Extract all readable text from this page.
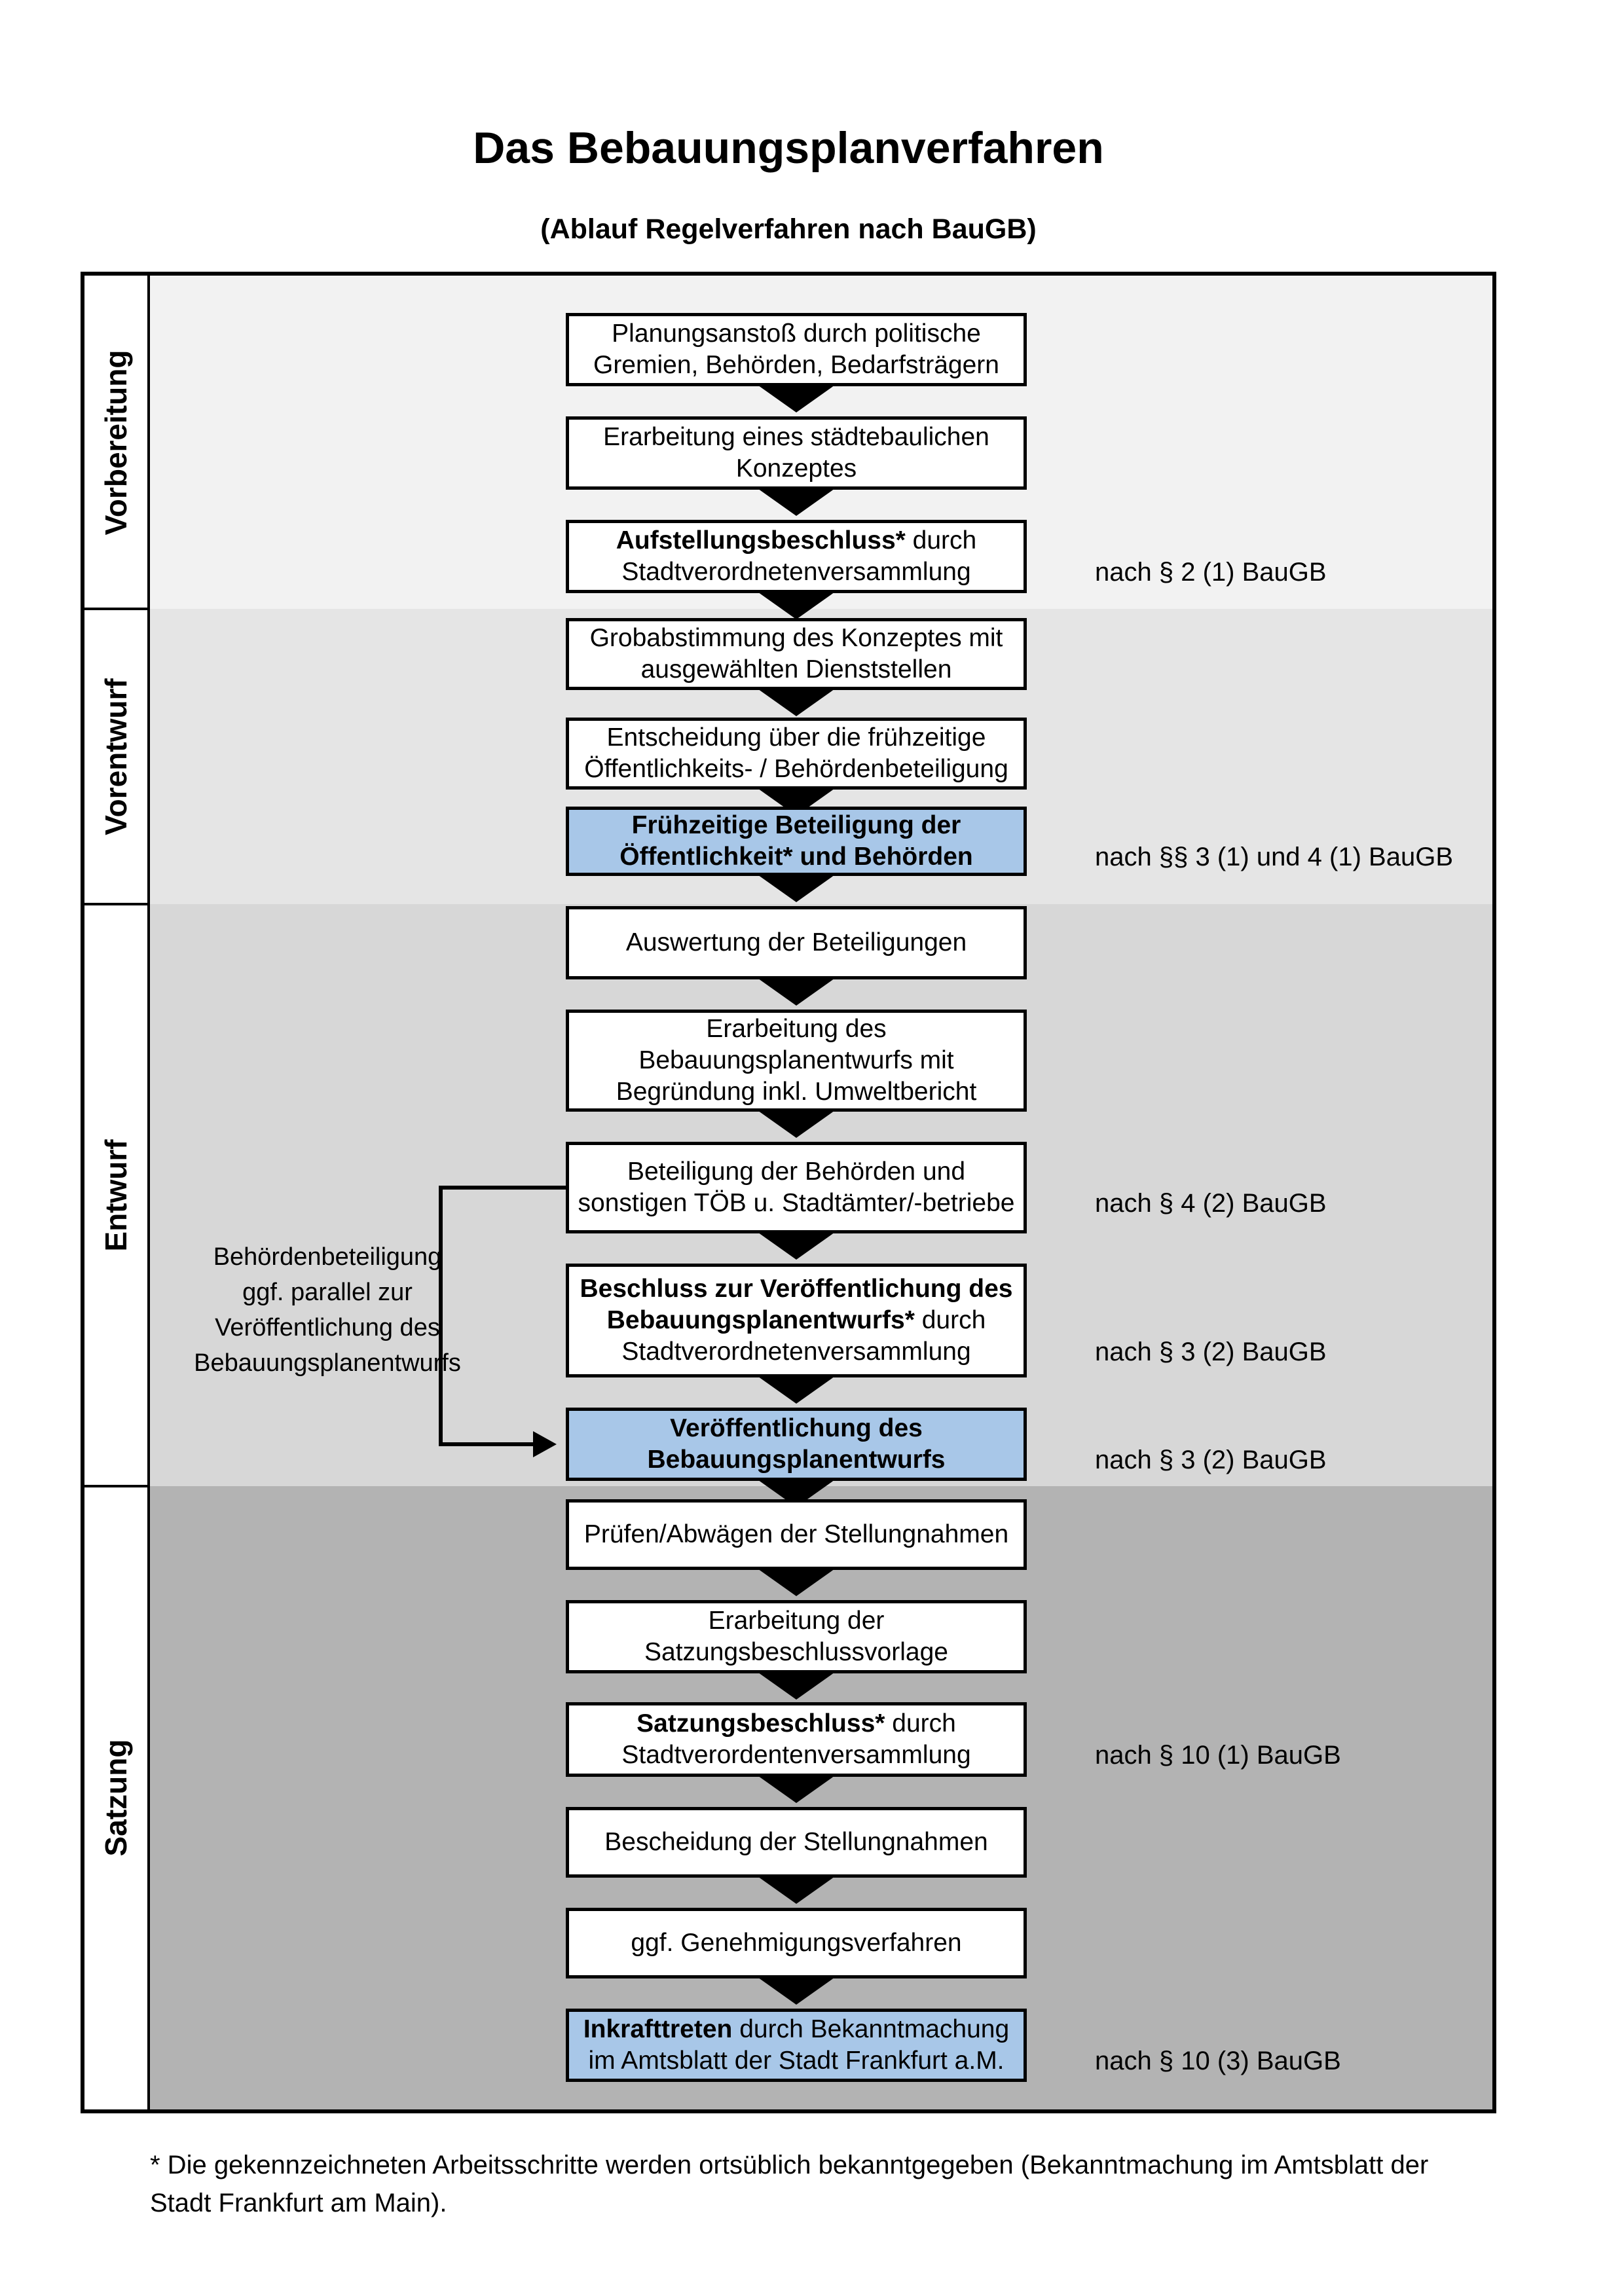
Das Bebauungsplanverfahren
(Ablauf Regelverfahren nach BauGB)
Behördenbeteiligung
ggf. parallel zur
Veröffentlichung des
Bebauungsplanentwurfs
* Die gekennzeichneten Arbeitsschritte werden ortsüblich bekanntgegeben (Bekanntmachung im Amtsblatt der Stadt Frankfurt am Main).
Vorbereitung
Vorentwurf
Entwurf
Satzung
Planungsanstoß durch politische
Gremien, Behörden, Bedarfsträgern
Erarbeitung eines städtebaulichen
Konzeptes
Aufstellungsbeschluss* durch
Stadtverordnetenversammlung	nach § 2 (1) BauGB
Grobabstimmung des Konzeptes mit
ausgewählten Dienststellen
Entscheidung über die frühzeitige
Öffentlichkeits- / Behördenbeteiligung
Frühzeitige Beteiligung der
Öffentlichkeit* und Behörden	nach §§ 3 (1) und 4 (1) BauGB
Auswertung der Beteiligungen
Erarbeitung des
Bebauungsplanentwurfs mit
Begründung inkl. Umweltbericht
Beteiligung der Behörden und
sonstigen TÖB u. Stadtämter/-betriebe	nach § 4 (2) BauGB
Beschluss zur Veröffentlichung des
Bebauungsplanentwurfs* durch
Stadtverordnetenversammlung	nach § 3 (2) BauGB
Veröffentlichung des
Bebauungsplanentwurfs	nach § 3 (2) BauGB
Prüfen/Abwägen der Stellungnahmen
Erarbeitung der
Satzungsbeschlussvorlage
Satzungsbeschluss* durch
Stadtverordentenversammlung	nach § 10 (1) BauGB
Bescheidung der Stellungnahmen
ggf. Genehmigungsverfahren
Inkrafttreten durch Bekanntmachung
im Amtsblatt der Stadt Frankfurt a.M.	nach § 10 (3) BauGB
